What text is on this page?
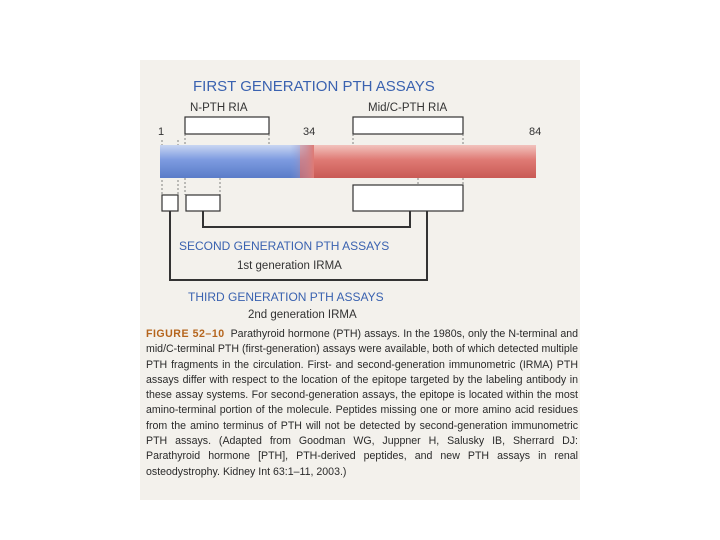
FIRST GENERATION PTH ASSAYS
N-PTH RIA	Mid/C-PTH RIA
1	34	84
SECOND GENERATION PTH ASSAYS
1st generation IRMA
THIRD GENERATION PTH ASSAYS
2nd generation IRMA
FIGURE 52–10 Parathyroid hormone (PTH) assays. In the 1980s, only the N-terminal and mid/C-terminal PTH (first-generation) assays were available, both of which detected multiple PTH fragments in the circulation. First- and second-generation immunometric (IRMA) PTH assays differ with respect to the location of the epitope targeted by the labeling antibody in these assay systems. For second-generation assays, the epitope is located within the most amino-terminal portion of the molecule. Peptides missing one or more amino acid residues from the amino terminus of PTH will not be detected by second-generation immunometric PTH assays. (Adapted from Goodman WG, Juppner H, Salusky IB, Sherrard DJ: Parathyroid hormone [PTH], PTH-derived peptides, and new PTH assays in renal osteodystrophy. Kidney Int 63:1–11, 2003.)
